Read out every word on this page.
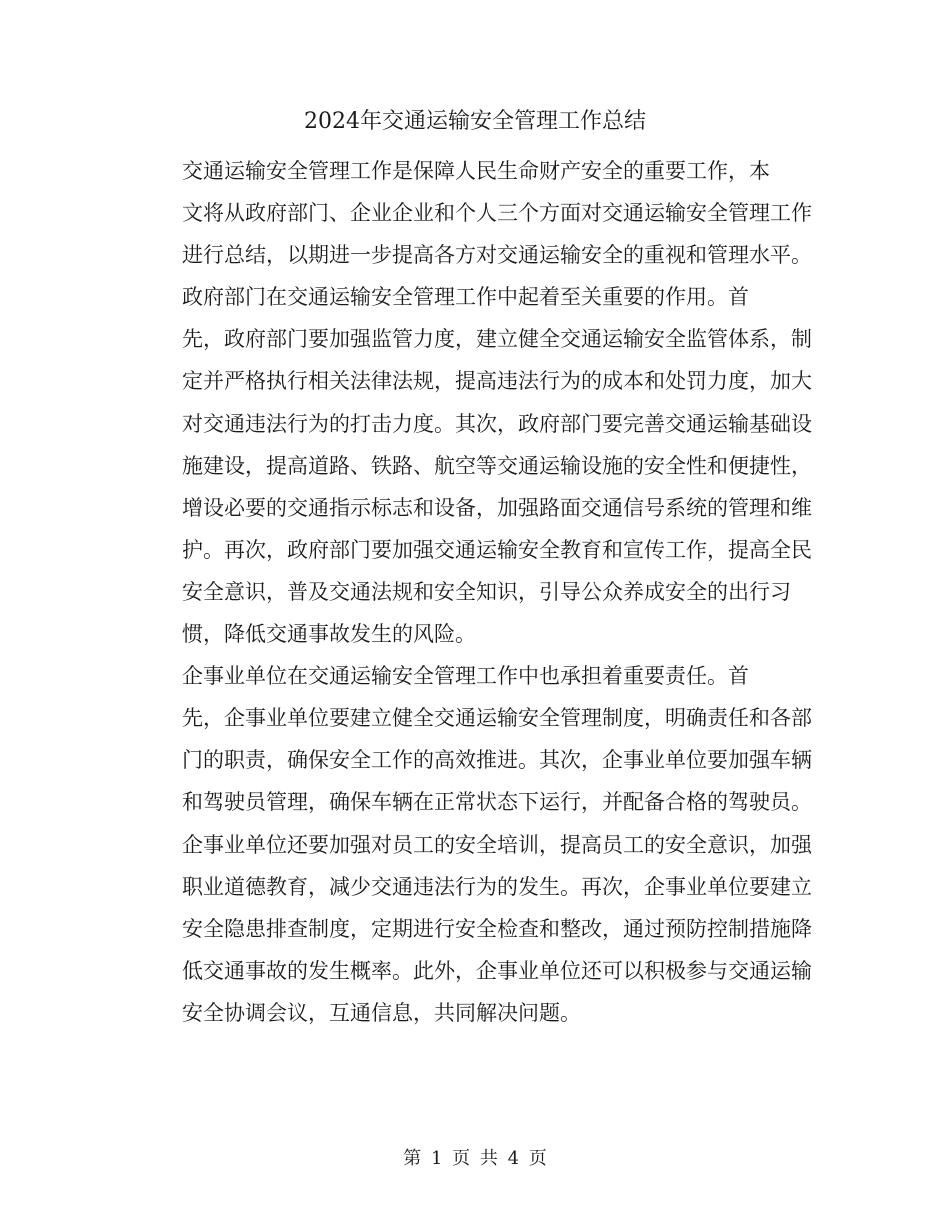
2024年交通运输安全管理工作总结

交通运输安全管理工作是保障人民生命财产安全的重要工作，本
文将从政府部门、企业企业和个人三个方面对交通运输安全管理工作
进行总结，以期进一步提高各方对交通运输安全的重视和管理水平。

政府部门在交通运输安全管理工作中起着至关重要的作用。首
先，政府部门要加强监管力度，建立健全交通运输安全监管体系，制
定并严格执行相关法律法规，提高违法行为的成本和处罚力度，加大
对交通违法行为的打击力度。其次，政府部门要完善交通运输基础设
施建设，提高道路、铁路、航空等交通运输设施的安全性和便捷性，
增设必要的交通指示标志和设备，加强路面交通信号系统的管理和维
护。再次，政府部门要加强交通运输安全教育和宣传工作，提高全民
安全意识，普及交通法规和安全知识，引导公众养成安全的出行习
惯，降低交通事故发生的风险。

企事业单位在交通运输安全管理工作中也承担着重要责任。首
先，企事业单位要建立健全交通运输安全管理制度，明确责任和各部
门的职责，确保安全工作的高效推进。其次，企事业单位要加强车辆
和驾驶员管理，确保车辆在正常状态下运行，并配备合格的驾驶员。
企事业单位还要加强对员工的安全培训，提高员工的安全意识，加强
职业道德教育，减少交通违法行为的发生。再次，企事业单位要建立
安全隐患排查制度，定期进行安全检查和整改，通过预防控制措施降
低交通事故的发生概率。此外，企事业单位还可以积极参与交通运输
安全协调会议，互通信息，共同解决问题。

第 1 页 共 4 页
